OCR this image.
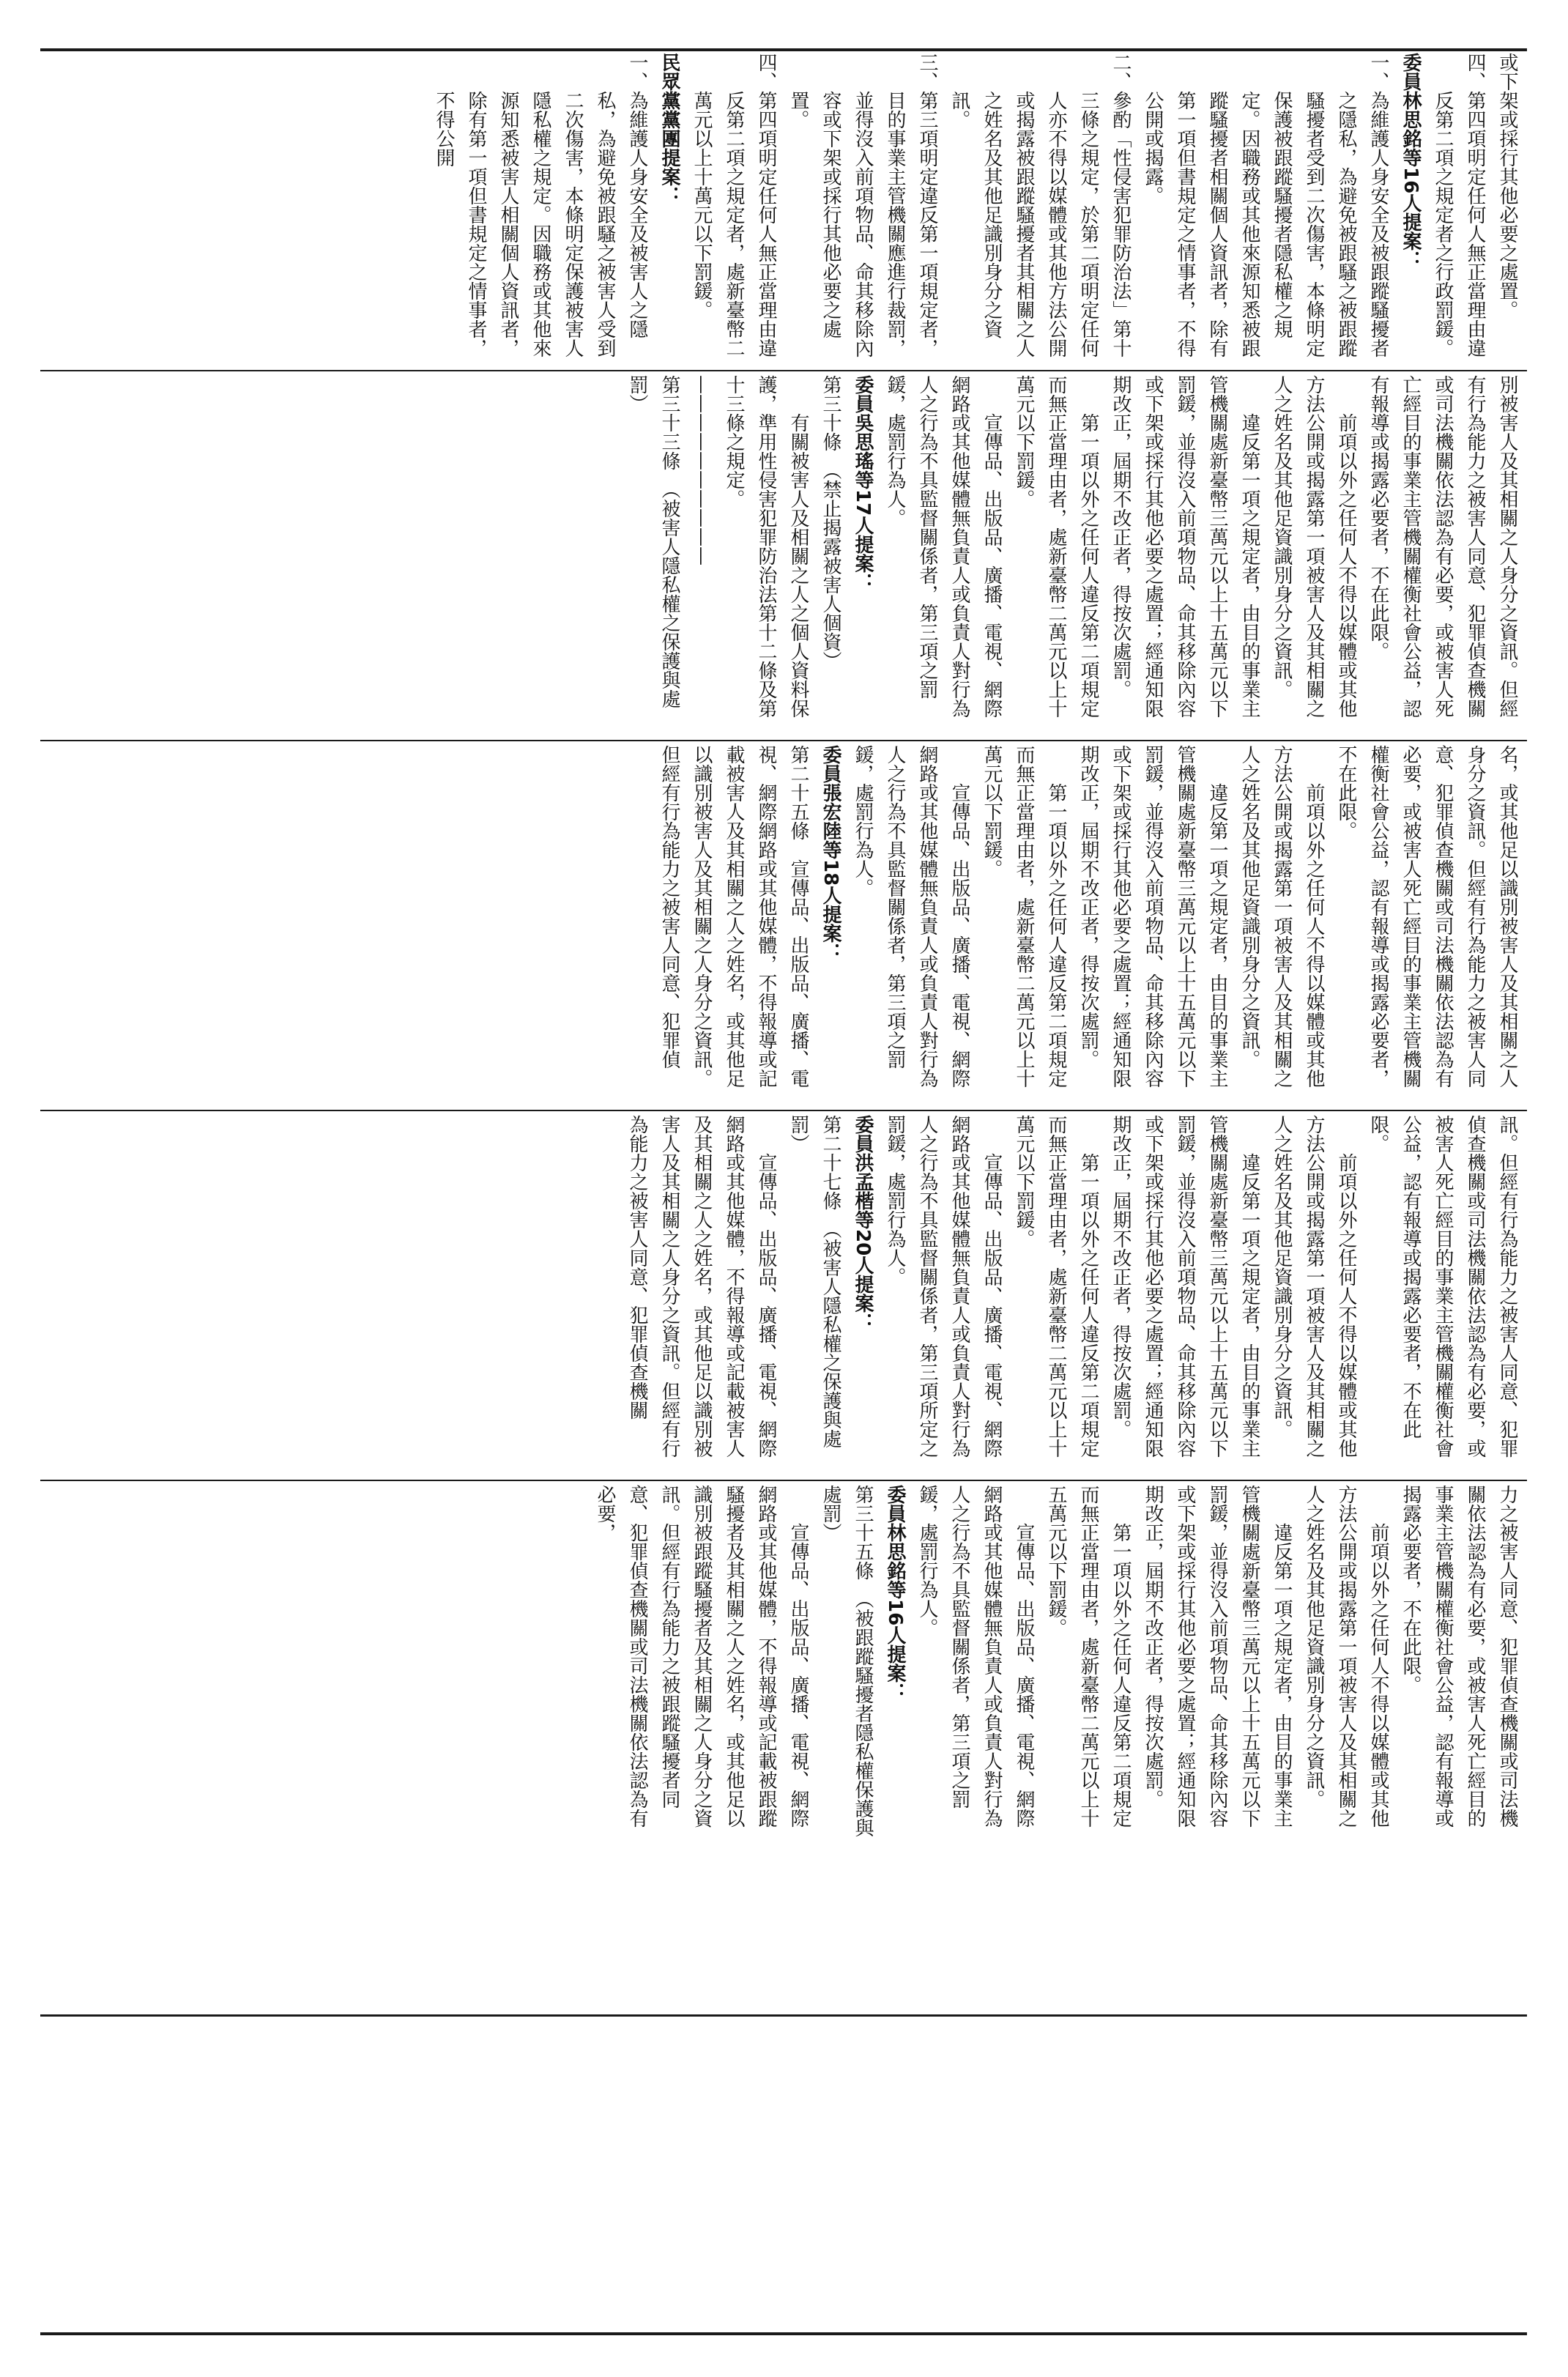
或下架或採行其他必要之處置。

四、第四項明定任何人無正當理由違反第二項之規定者之行政罰鍰。

委員林思銘等16人提案：

一、為維護人身安全及被跟蹤騷擾者之隱私，為避免被跟騷之被跟蹤騷擾者受到二次傷害，本條明定保護被跟蹤騷擾者隱私權之規定。因職務或其他來源知悉被跟蹤騷擾者相關個人資訊者，除有第一項但書規定之情事者，不得公開或揭露。

二、參酌「性侵害犯罪防治法」第十三條之規定，於第二項明定任何人亦不得以媒體或其他方法公開或揭露被跟蹤騷擾者其相關之人之姓名及其他足識別身分之資訊。

三、第三項明定違反第一項規定者，目的事業主管機關應進行裁罰，並得沒入前項物品、命其移除內容或下架或採行其他必要之處置。

四、第四項明定任何人無正當理由違反第二項之規定者，處新臺幣二萬元以上十萬元以下罰鍰。

民眾黨黨團提案：

一、為維護人身安全及被害人之隱私，為避免被跟騷之被害人受到二次傷害，本條明定保護被害人隱私權之規定。因職務或其他來源知悉被害人相關個人資訊者，除有第一項但書規定之情事者，不得公開

別被害人及其相關之人身分之資訊。但經有行為能力之被害人同意、犯罪偵查機關或司法機關依法認為有必要，或被害人死亡經目的事業主管機關權衡社會公益，認有報導或揭露必要者，不在此限。

前項以外之任何人不得以媒體或其他方法公開或揭露第一項被害人及其相關之人之姓名及其他足資識別身分之資訊。

違反第一項之規定者，由目的事業主管機關處新臺幣三萬元以上十五萬元以下罰鍰，並得沒入前項物品、命其移除內容或下架或採行其他必要之處置；經通知限期改正，屆期不改正者，得按次處罰。

第一項以外之任何人違反第二項規定而無正當理由者，處新臺幣二萬元以上十萬元以下罰鍰。

宣傳品、出版品、廣播、電視、網際網路或其他媒體無負責人或負責人對行為人之行為不具監督關係者，第三項之罰鍰，處罰行為人。

委員吳思瑤等17人提案：

第三十條　（禁止揭露被害人個資）

有關被害人及相關之人之個人資料保護，準用性侵害犯罪防治法第十二條及第十三條之規定。

——————————

第三十三條　（被害人隱私權之保護與處罰）

名，或其他足以識別被害人及其相關之人身分之資訊。但經有行為能力之被害人同意、犯罪偵查機關或司法機關依法認為有必要，或被害人死亡經目的事業主管機關權衡社會公益，認有報導或揭露必要者，不在此限。

前項以外之任何人不得以媒體或其他方法公開或揭露第一項被害人及其相關之人之姓名及其他足資識別身分之資訊。

違反第一項之規定者，由目的事業主管機關處新臺幣三萬元以上十五萬元以下罰鍰，並得沒入前項物品、命其移除內容或下架或採行其他必要之處置；經通知限期改正，屆期不改正者，得按次處罰。

第一項以外之任何人違反第二項規定而無正當理由者，處新臺幣二萬元以上十萬元以下罰鍰。

宣傳品、出版品、廣播、電視、網際網路或其他媒體無負責人或負責人對行為人之行為不具監督關係者，第三項之罰鍰，處罰行為人。

委員張宏陸等18人提案：

第二十五條　宣傳品、出版品、廣播、電視、網際網路或其他媒體，不得報導或記載被害人及其相關之人之姓名，或其他足以識別被害人及其相關之人身分之資訊。但經有行為能力之被害人同意、犯罪偵

訊。但經有行為能力之被害人同意、犯罪偵查機關或司法機關依法認為有必要，或被害人死亡經目的事業主管機關權衡社會公益，認有報導或揭露必要者，不在此限。

前項以外之任何人不得以媒體或其他方法公開或揭露第一項被害人及其相關之人之姓名及其他足資識別身分之資訊。

違反第一項之規定者，由目的事業主管機關處新臺幣三萬元以上十五萬元以下罰鍰，並得沒入前項物品、命其移除內容或下架或採行其他必要之處置；經通知限期改正，屆期不改正者，得按次處罰。

第一項以外之任何人違反第二項規定而無正當理由者，處新臺幣二萬元以上十萬元以下罰鍰。

宣傳品、出版品、廣播、電視、網際網路或其他媒體無負責人或負責人對行為人之行為不具監督關係者，第三項所定之罰鍰，處罰行為人。

委員洪孟楷等20人提案：

第二十七條　（被害人隱私權之保護與處罰）

宣傳品、出版品、廣播、電視、網際網路或其他媒體，不得報導或記載被害人及其相關之人之姓名，或其他足以識別被害人及其相關之人身分之資訊。但經有行為能力之被害人同意、犯罪偵查機關

力之被害人同意、犯罪偵查機關或司法機關依法認為有必要，或被害人死亡經目的事業主管機關權衡社會公益，認有報導或揭露必要者，不在此限。

前項以外之任何人不得以媒體或其他方法公開或揭露第一項被害人及其相關之人之姓名及其他足資識別身分之資訊。

違反第一項之規定者，由目的事業主管機關處新臺幣三萬元以上十五萬元以下罰鍰，並得沒入前項物品、命其移除內容或下架或採行其他必要之處置；經通知限期改正，屆期不改正者，得按次處罰。

第一項以外之任何人違反第二項規定而無正當理由者，處新臺幣二萬元以上十五萬元以下罰鍰。

宣傳品、出版品、廣播、電視、網際網路或其他媒體無負責人或負責人對行為人之行為不具監督關係者，第三項之罰鍰，處罰行為人。

委員林思銘等16人提案：

第三十五條　（被跟蹤騷擾者隱私權保護與處罰）

宣傳品、出版品、廣播、電視、網際網路或其他媒體，不得報導或記載被跟蹤騷擾者及其相關之人之姓名，或其他足以識別被跟蹤騷擾者及其相關之人身分之資訊。但經有行為能力之被跟蹤騷擾者同意、犯罪偵查機關或司法機關依法認為有必要，
